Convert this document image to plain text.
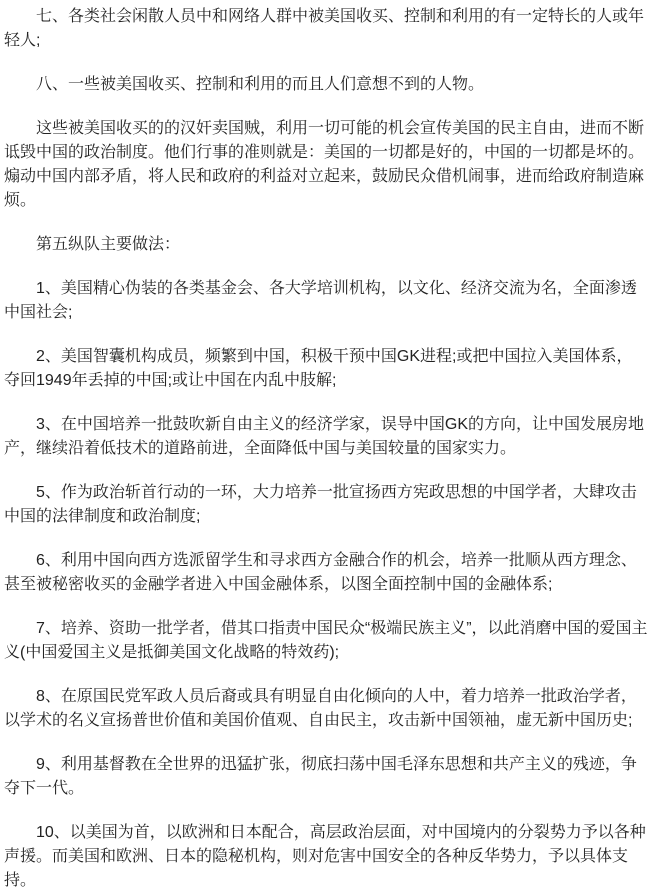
七、各类社会闲散人员中和网络人群中被美国收买、控制和利用的有一定特长的人或年轻人;

八、一些被美国收买、控制和利用的而且人们意想不到的人物。

这些被美国收买的的汉奸卖国贼，利用一切可能的机会宣传美国的民主自由，进而不断诋毁中国的政治制度。他们行事的准则就是：美国的一切都是好的，中国的一切都是坏的。煽动中国内部矛盾，将人民和政府的利益对立起来，鼓励民众借机闹事，进而给政府制造麻烦。

第五纵队主要做法：

1、美国精心伪装的各类基金会、各大学培训机构，以文化、经济交流为名，全面渗透中国社会;

2、美国智囊机构成员，频繁到中国，积极干预中国GK进程;或把中国拉入美国体系，夺回1949年丢掉的中国;或让中国在内乱中肢解;

3、在中国培养一批鼓吹新自由主义的经济学家，误导中国GK的方向，让中国发展房地产，继续沿着低技术的道路前进，全面降低中国与美国较量的国家实力。

5、作为政治斩首行动的一环，大力培养一批宣扬西方宪政思想的中国学者，大肆攻击中国的法律制度和政治制度;

6、利用中国向西方选派留学生和寻求西方金融合作的机会，培养一批顺从西方理念、甚至被秘密收买的金融学者进入中国金融体系，以图全面控制中国的金融体系;

7、培养、资助一批学者，借其口指责中国民众“极端民族主义”，以此消磨中国的爱国主义(中国爱国主义是抵御美国文化战略的特效药);

8、在原国民党军政人员后裔或具有明显自由化倾向的人中，着力培养一批政治学者，以学术的名义宣扬普世价值和美国价值观、自由民主，攻击新中国领袖，虚无新中国历史;

9、利用基督教在全世界的迅猛扩张，彻底扫荡中国毛泽东思想和共产主义的残迹，争夺下一代。

10、以美国为首，以欧洲和日本配合，高层政治层面，对中国境内的分裂势力予以各种声援。而美国和欧洲、日本的隐秘机构，则对危害中国安全的各种反华势力，予以具体支持。
